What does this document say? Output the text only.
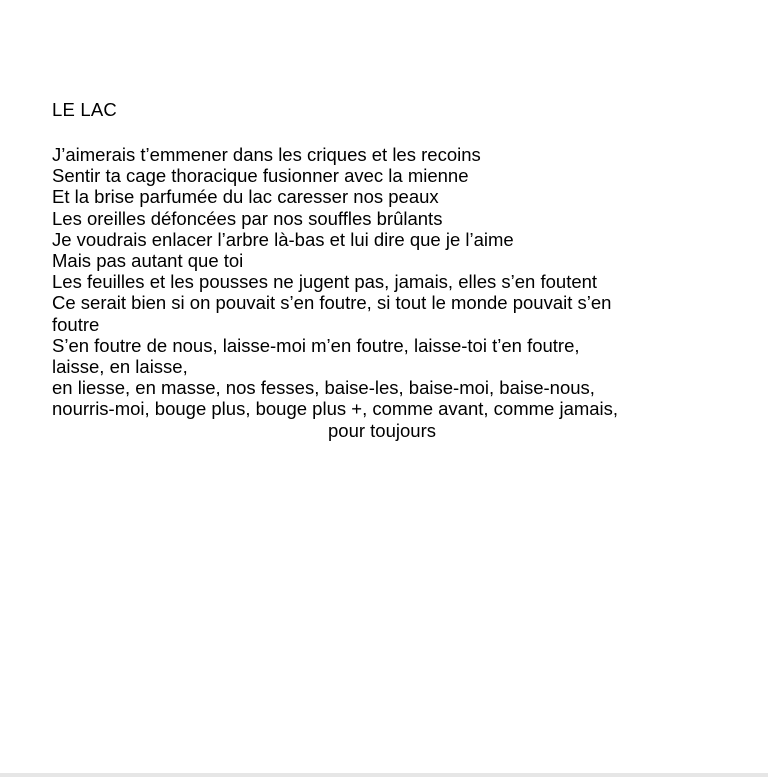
LE LAC
J’aimerais t’emmener dans les criques et les recoins
Sentir ta cage thoracique fusionner avec la mienne
Et la brise parfumée du lac caresser nos peaux
Les oreilles défoncées par nos souffles brûlants
Je voudrais enlacer l’arbre là-bas et lui dire que je l’aime
Mais pas autant que toi
Les feuilles et les pousses ne jugent pas, jamais, elles s’en foutent
Ce serait bien si on pouvait s’en foutre, si tout le monde pouvait s’en
foutre
S’en foutre de nous, laisse-moi m’en foutre, laisse-toi t’en foutre,
laisse, en laisse,
en liesse, en masse, nos fesses, baise-les, baise-moi, baise-nous,
nourris-moi, bouge plus, bouge plus +, comme avant, comme jamais,
pour toujours
